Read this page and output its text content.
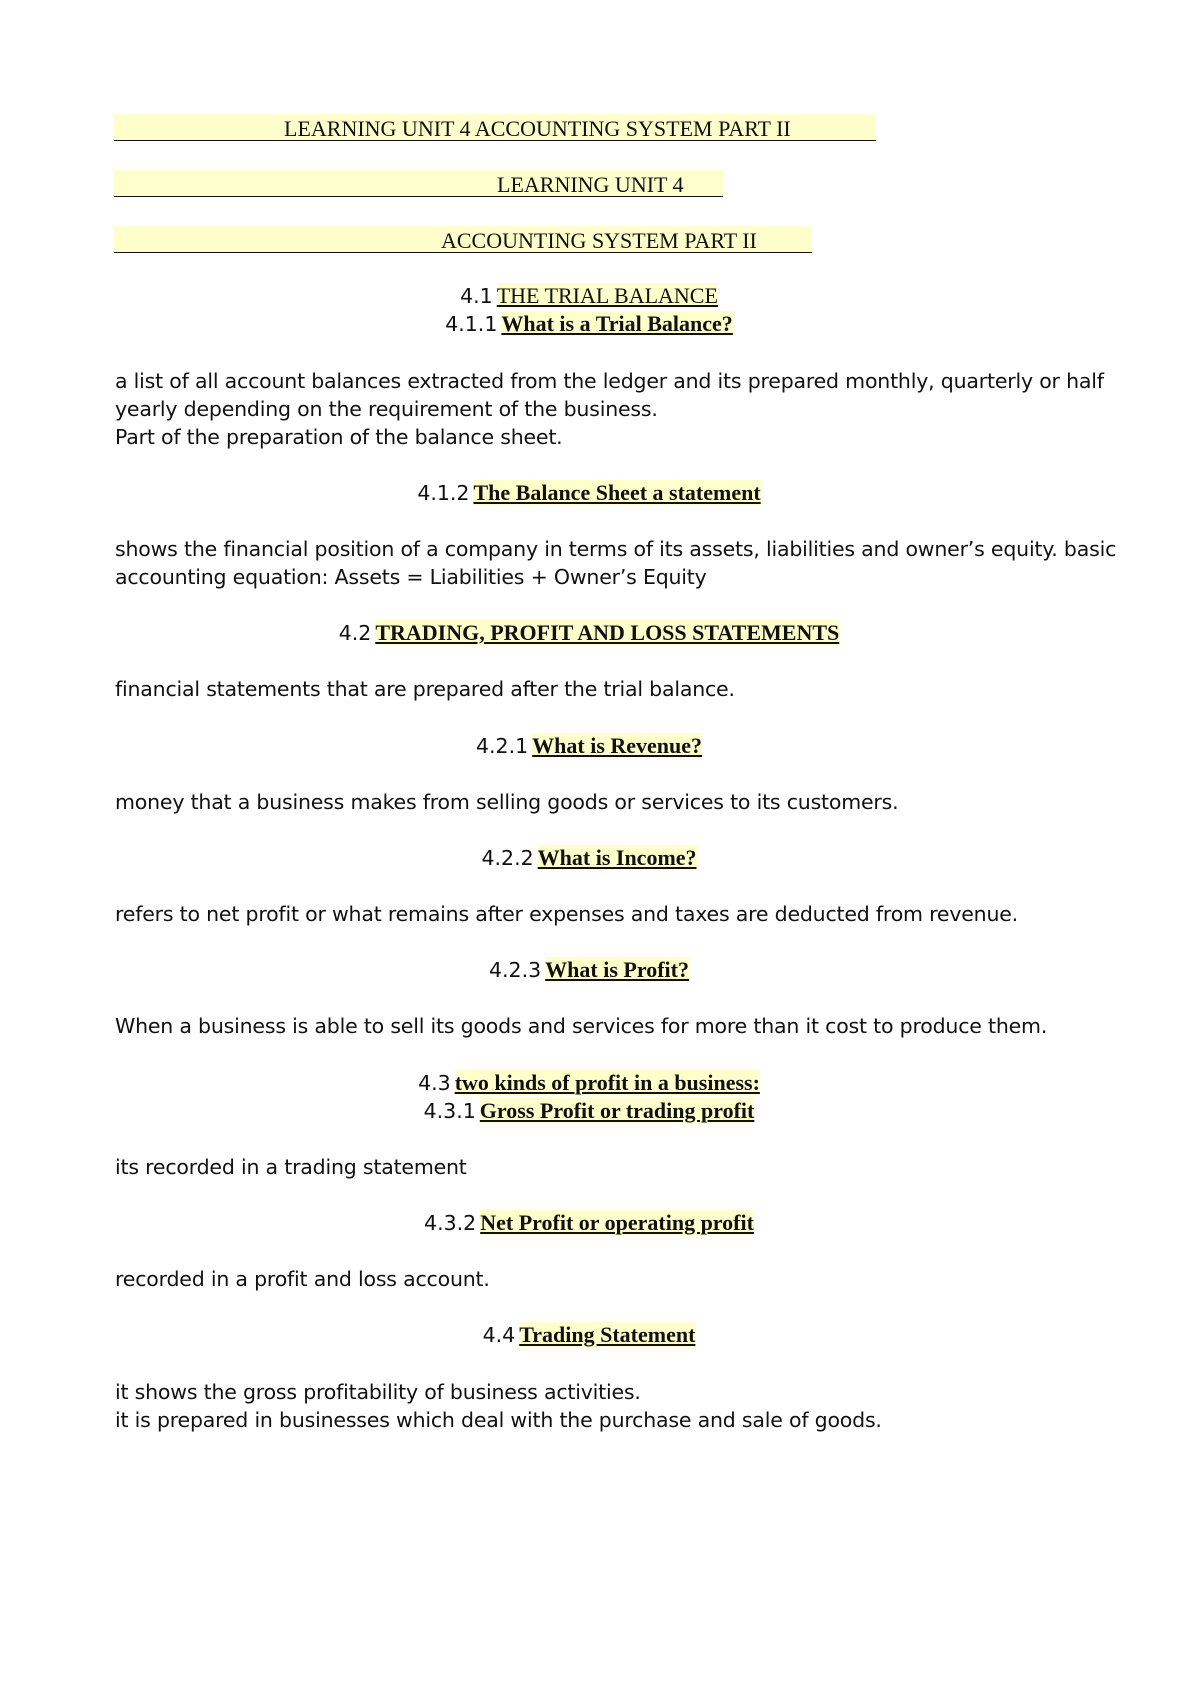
LEARNING UNIT 4 ACCOUNTING SYSTEM PART II
LEARNING UNIT 4
ACCOUNTING SYSTEM PART II
4.1 THE TRIAL BALANCE
4.1.1 What is a Trial Balance?
a list of all account balances extracted from the ledger and its prepared monthly, quarterly or half
yearly depending on the requirement of the business.
Part of the preparation of the balance sheet.
4.1.2 The Balance Sheet a statement
shows the financial position of a company in terms of its assets, liabilities and owner’s equity. basic
accounting equation: Assets = Liabilities + Owner’s Equity
4.2 TRADING, PROFIT AND LOSS STATEMENTS
financial statements that are prepared after the trial balance.
4.2.1 What is Revenue?
money that a business makes from selling goods or services to its customers.
4.2.2 What is Income?
refers to net profit or what remains after expenses and taxes are deducted from revenue.
4.2.3 What is Profit?
When a business is able to sell its goods and services for more than it cost to produce them.
4.3 two kinds of profit in a business:
4.3.1 Gross Profit or trading profit
its recorded in a trading statement
4.3.2 Net Profit or operating profit
recorded in a profit and loss account.
4.4 Trading Statement
it shows the gross profitability of business activities.
it is prepared in businesses which deal with the purchase and sale of goods.
